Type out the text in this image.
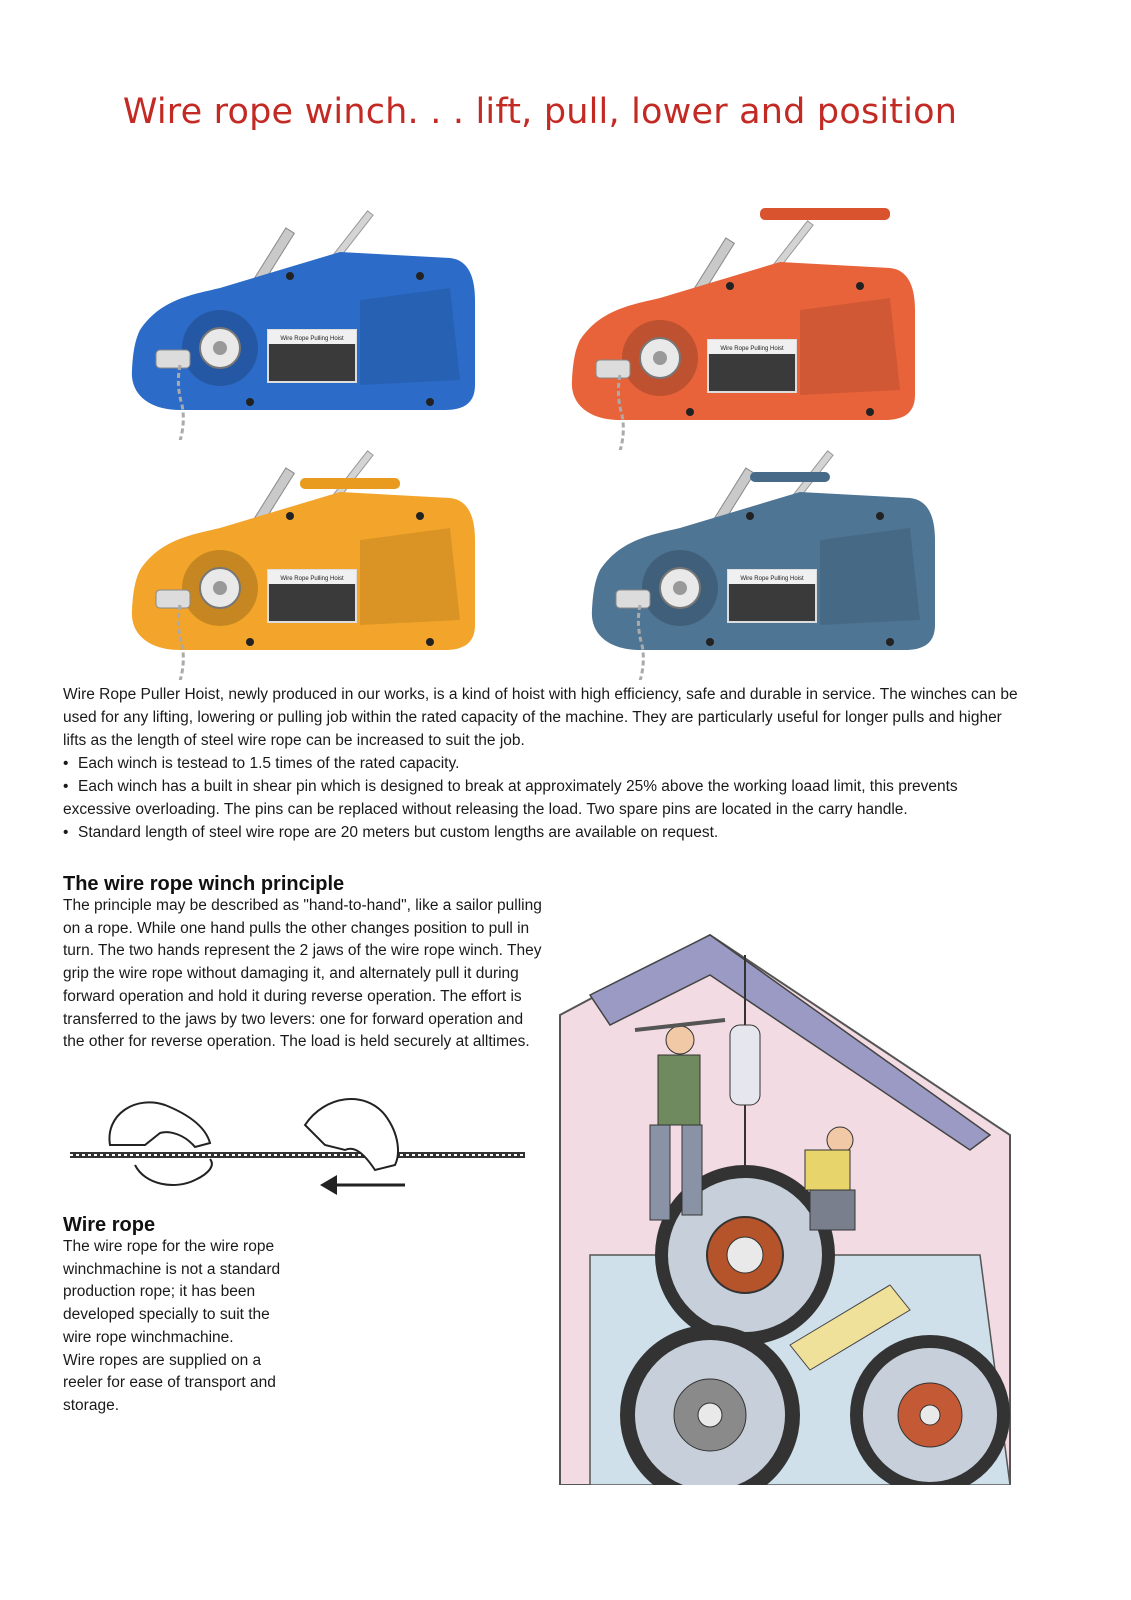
Wire rope winch. . . lift, pull, lower and position
Wire Rope Pulling Hoist
Wire Rope Pulling Hoist
Wire Rope Pulling Hoist	Wire Rope Pulling Hoist

Wire Rope Puller Hoist, newly produced in our works, is a kind of hoist with high efficiency, safe and durable in service. The winches can be used for any lifting, lowering or pulling job within the rated capacity of the machine. They are particularly useful for longer pulls and higher lifts as the length of steel wire rope can be increased to suit the job.

• Each winch is testead to 1.5 times of the rated capacity.
• Each winch has a built in shear pin which is designed to break at approximately 25% above the working loaad limit, this prevents excessive overloading. The pins can be replaced without releasing the load. Two spare pins are located in the carry handle.
• Standard length of steel wire rope are 20 meters but custom lengths are available on request.
The wire rope winch principle

The principle may be described as "hand-to-hand", like a sailor pulling on a rope. While one hand pulls the other changes position to pull in turn. The two hands represent the 2 jaws of the wire rope winch. They grip the wire rope without damaging it, and alternately pull it during forward operation and hold it during reverse operation. The effort is transferred to the jaws by two levers: one for forward operation and the other for reverse operation. The load is held securely at alltimes.

Wire rope

The wire rope for the wire rope winchmachine is not a standard production rope; it has been developed specially to suit the wire rope winchmachine.

Wire ropes are supplied on a reeler for ease of transport and storage.
